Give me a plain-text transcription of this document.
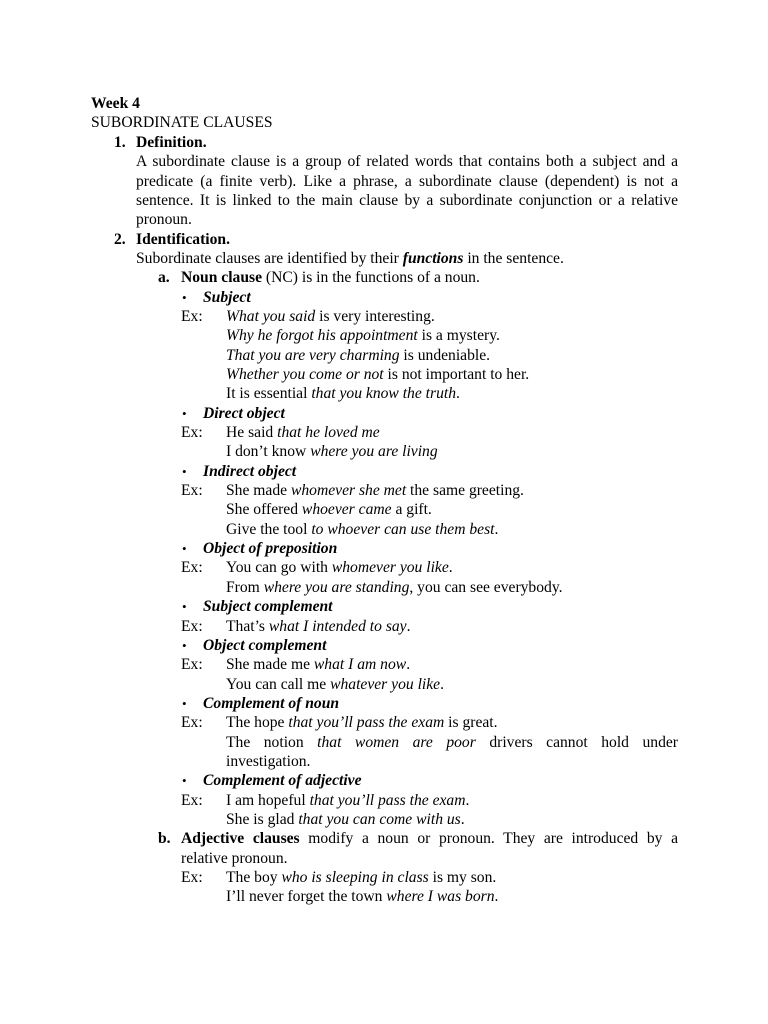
Week 4
SUBORDINATE CLAUSES
1. Definition.
A subordinate clause is a group of related words that contains both a subject and a
predicate (a finite verb). Like a phrase, a subordinate clause (dependent) is not a
sentence. It is linked to the main clause by a subordinate conjunction or a relative
pronoun.
2. Identification.
Subordinate clauses are identified by their functions in the sentence.
a. Noun clause (NC) is in the functions of a noun.
• Subject
Ex: What you said is very interesting.
Why he forgot his appointment is a mystery.
That you are very charming is undeniable.
Whether you come or not is not important to her.
It is essential that you know the truth.
• Direct object
Ex: He said that he loved me
I don’t know where you are living
• Indirect object
Ex: She made whomever she met the same greeting.
She offered whoever came a gift.
Give the tool to whoever can use them best.
• Object of preposition
Ex: You can go with whomever you like.
From where you are standing, you can see everybody.
• Subject complement
Ex: That’s what I intended to say.
• Object complement
Ex: She made me what I am now.
You can call me whatever you like.
• Complement of noun
Ex: The hope that you’ll pass the exam is great.
The notion that women are poor drivers cannot hold under
investigation.
• Complement of adjective
Ex: I am hopeful that you’ll pass the exam.
She is glad that you can come with us.
b. Adjective clauses modify a noun or pronoun. They are introduced by a
relative pronoun.
Ex: The boy who is sleeping in class is my son.
I’ll never forget the town where I was born.
